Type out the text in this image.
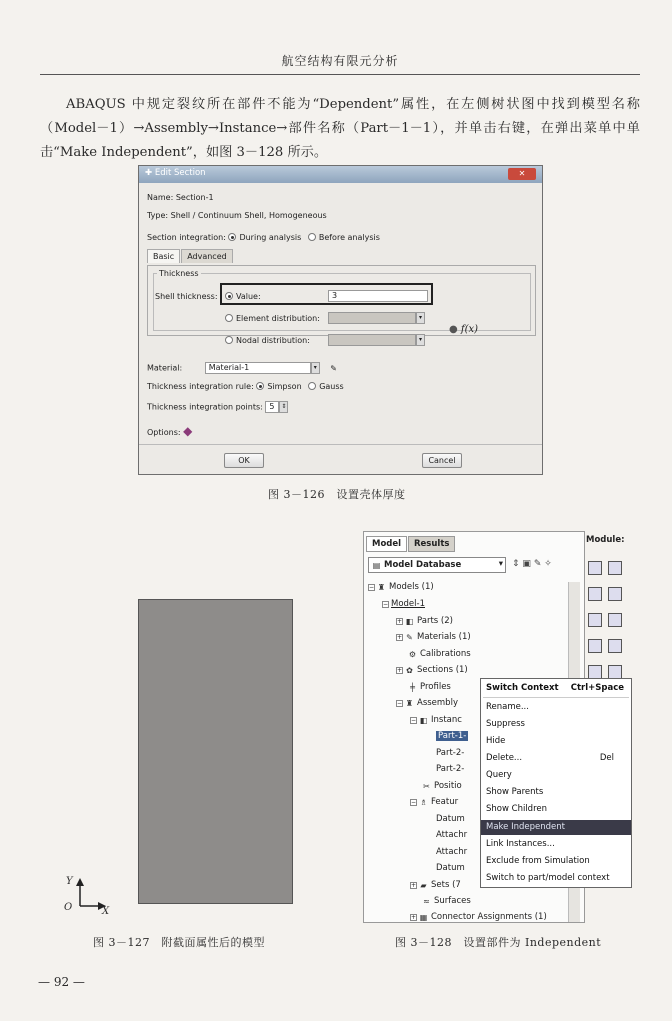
航空结构有限元分析
ABAQUS 中规定裂纹所在部件不能为“Dependent”属性，在左侧树状图中找到模型名称（Model－1）→Assembly→Instance→部件名称（Part－1－1），并单击右键，在弹出菜单中单击“Make Independent”，如图 3－128 所示。
✚ Edit Section	✕
Name: Section-1
Type: Shell / Continuum Shell, Homogeneous
Section integration: During analysis Before analysis
Basic Advanced
Thickness
Shell thickness:	Value:	3
Element distribution:	▾
Nodal distribution:	▾
● f(x)
Material:	Material-1	▾ ✎
Thickness integration rule: Simpson Gauss
Thickness integration points: 5 ⇕
Options: ◆
OK	Cancel
图 3－126　设置壳体厚度
Y
O	X
图 3－127　附截面属性后的模型
Model	Results
▤ Model Database	▾ ⇕ ▣ ✎ ✧
− ♜ Models (1)
− Model-1
+ ◧ Parts (2)
+ ✎ Materials (1)
⚙ Calibrations
+ ✿ Sections (1)
╪ Profiles
− ♜ Assembly
− ◧ Instanc
Part-1-
Part-2-
Part-2-
✂ Positio
− ♗ Featur
Datum
Attachr
Attachr
Datum
+ ▰ Sets (7
≈ Surfaces
+ ▦ Connector Assignments (1)
Module:
Switch Context Ctrl+Space
Rename...
Suppress
Hide
Delete...	Del
Query
Show Parents
Show Children
Make Independent
Link Instances...
Exclude from Simulation
Switch to part/model context
图 3－128　设置部件为 Independent
— 92 —
